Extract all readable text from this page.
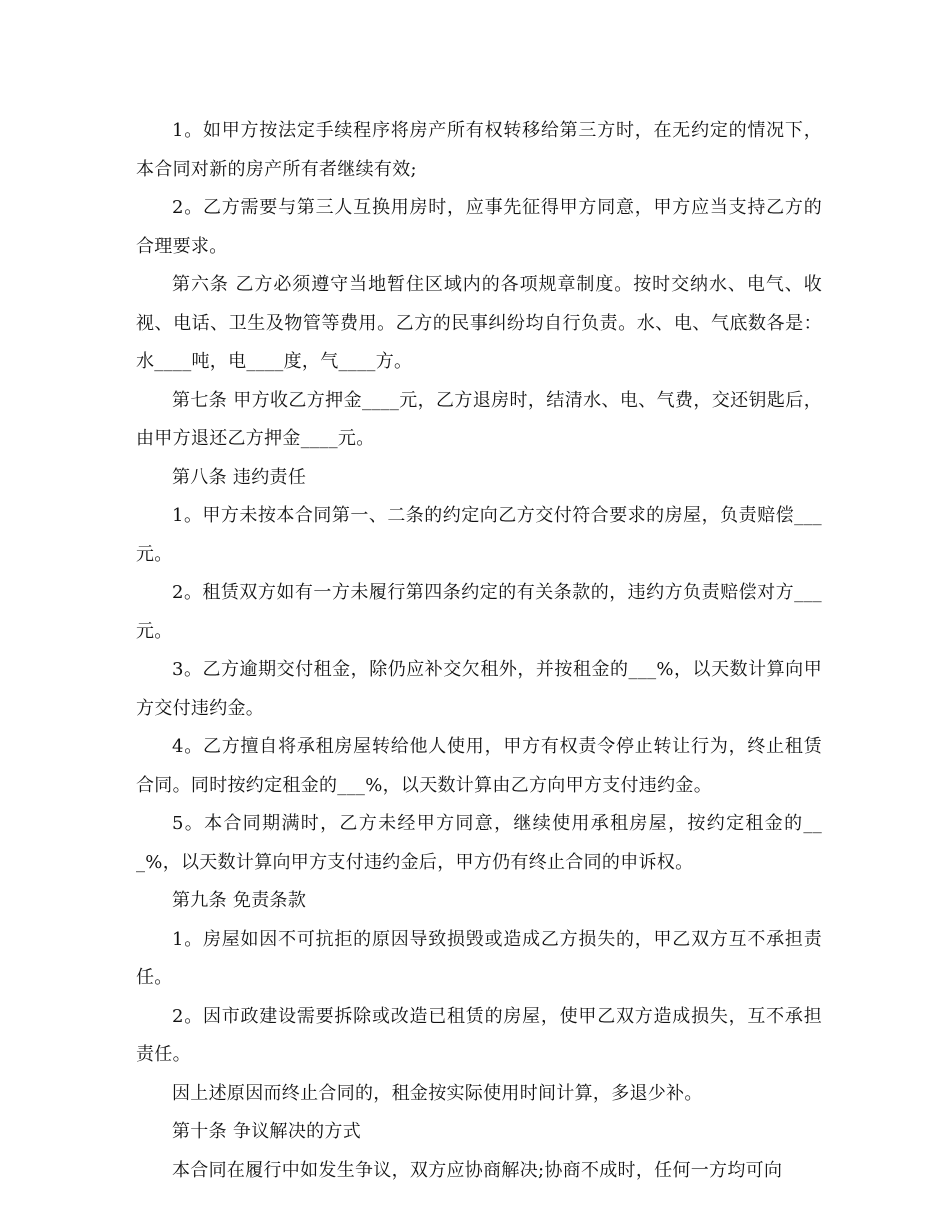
1。如甲方按法定手续程序将房产所有权转移给第三方时，在无约定的情况下，本合同对新的房产所有者继续有效;

2。乙方需要与第三人互换用房时，应事先征得甲方同意，甲方应当支持乙方的合理要求。

第六条 乙方必须遵守当地暂住区域内的各项规章制度。按时交纳水、电气、收视、电话、卫生及物管等费用。乙方的民事纠纷均自行负责。水、电、气底数各是：水____吨，电____度，气____方。

第七条 甲方收乙方押金____元，乙方退房时，结清水、电、气费，交还钥匙后，由甲方退还乙方押金____元。

第八条 违约责任

1。甲方未按本合同第一、二条的约定向乙方交付符合要求的房屋，负责赔偿___元。

2。租赁双方如有一方未履行第四条约定的有关条款的，违约方负责赔偿对方___元。

3。乙方逾期交付租金，除仍应补交欠租外，并按租金的___%，以天数计算向甲方交付违约金。

4。乙方擅自将承租房屋转给他人使用，甲方有权责令停止转让行为，终止租赁合同。同时按约定租金的___%，以天数计算由乙方向甲方支付违约金。

5。本合同期满时，乙方未经甲方同意，继续使用承租房屋，按约定租金的___%，以天数计算向甲方支付违约金后，甲方仍有终止合同的申诉权。

第九条 免责条款

1。房屋如因不可抗拒的原因导致损毁或造成乙方损失的，甲乙双方互不承担责任。

2。因市政建设需要拆除或改造已租赁的房屋，使甲乙双方造成损失，互不承担责任。

因上述原因而终止合同的，租金按实际使用时间计算，多退少补。

第十条 争议解决的方式

本合同在履行中如发生争议，双方应协商解决;协商不成时，任何一方均可向
